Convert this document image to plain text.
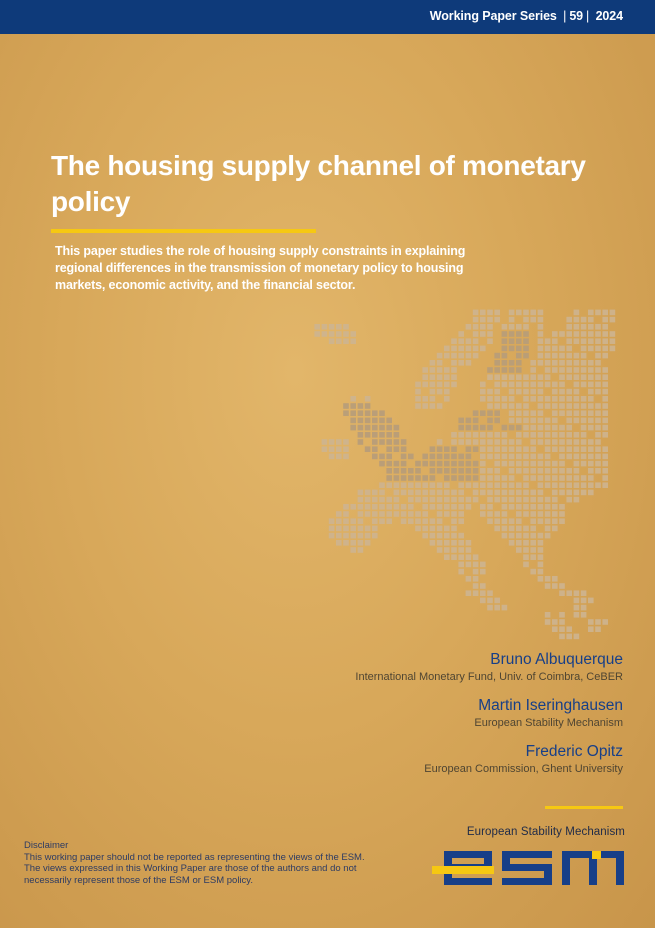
Working Paper Series | 59 | 2024
The housing supply channel of monetary policy

This paper studies the role of housing supply constraints in explaining regional differences in the transmission of monetary policy to housing markets, economic activity, and the financial sector.

Bruno Albuquerque
International Monetary Fund, Univ. of Coimbra, CeBER
Martin Iseringhausen
European Stability Mechanism
Frederic Opitz
European Commission, Ghent University
Disclaimer
This working paper should not be reported as representing the views of the ESM. The views expressed in this Working Paper are those of the authors and do not necessarily represent those of the ESM or ESM policy.
European Stability Mechanism
